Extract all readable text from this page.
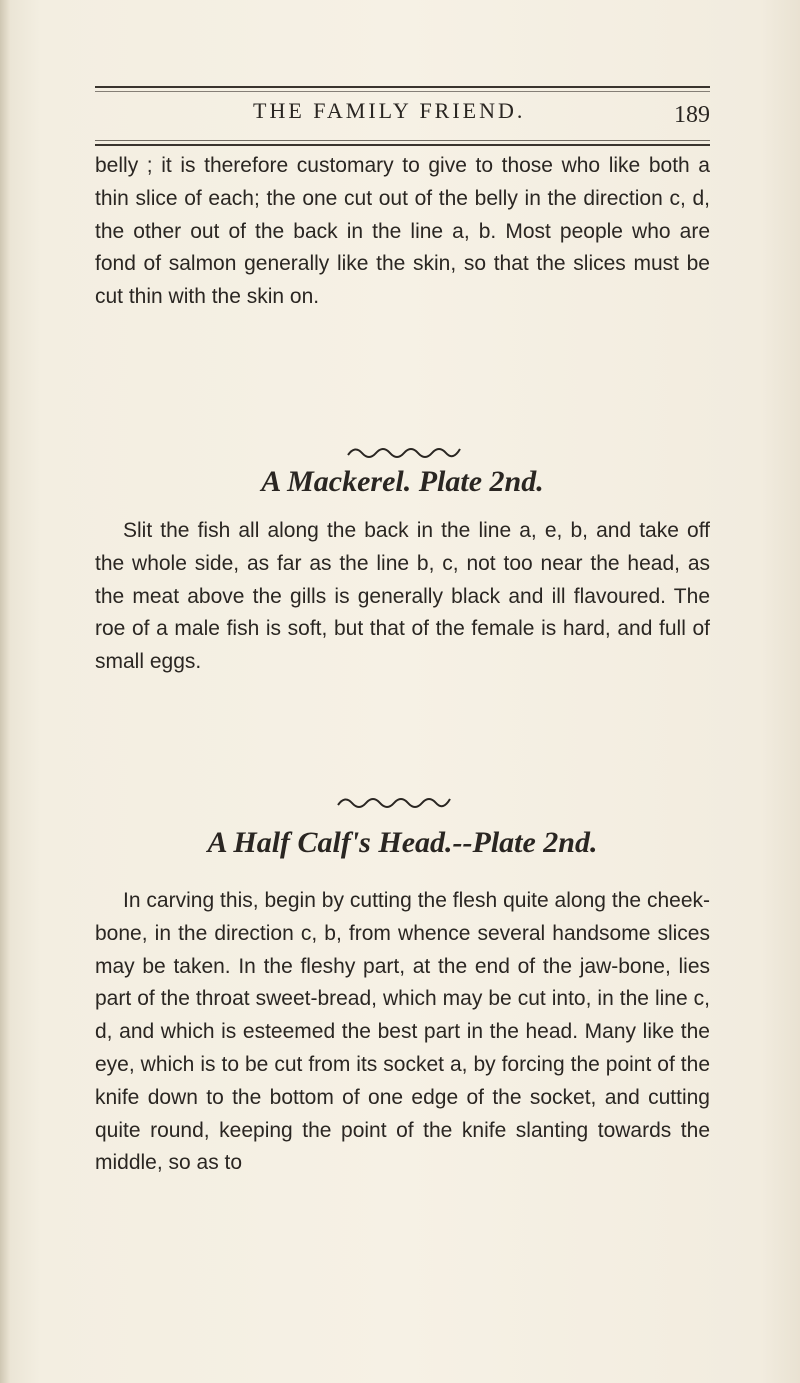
THE FAMILY FRIEND.	189
belly ; it is therefore customary to give to those who like both a thin slice of each; the one cut out of the belly in the direction c, d, the other out of the back in the line a, b. Most people who are fond of salmon generally like the skin, so that the slices must be cut thin with the skin on.
A Mackerel. Plate 2nd.
Slit the fish all along the back in the line a, e, b, and take off the whole side, as far as the line b, c, not too near the head, as the meat above the gills is generally black and ill flavoured. The roe of a male fish is soft, but that of the female is hard, and full of small eggs.
A Half Calf's Head.--Plate 2nd.
In carving this, begin by cutting the flesh quite along the cheek-bone, in the direction c, b, from whence several handsome slices may be taken. In the fleshy part, at the end of the jaw-bone, lies part of the throat sweet-bread, which may be cut into, in the line c, d, and which is esteemed the best part in the head. Many like the eye, which is to be cut from its socket a, by forcing the point of the knife down to the bottom of one edge of the socket, and cutting quite round, keeping the point of the knife slanting towards the middle, so as to
